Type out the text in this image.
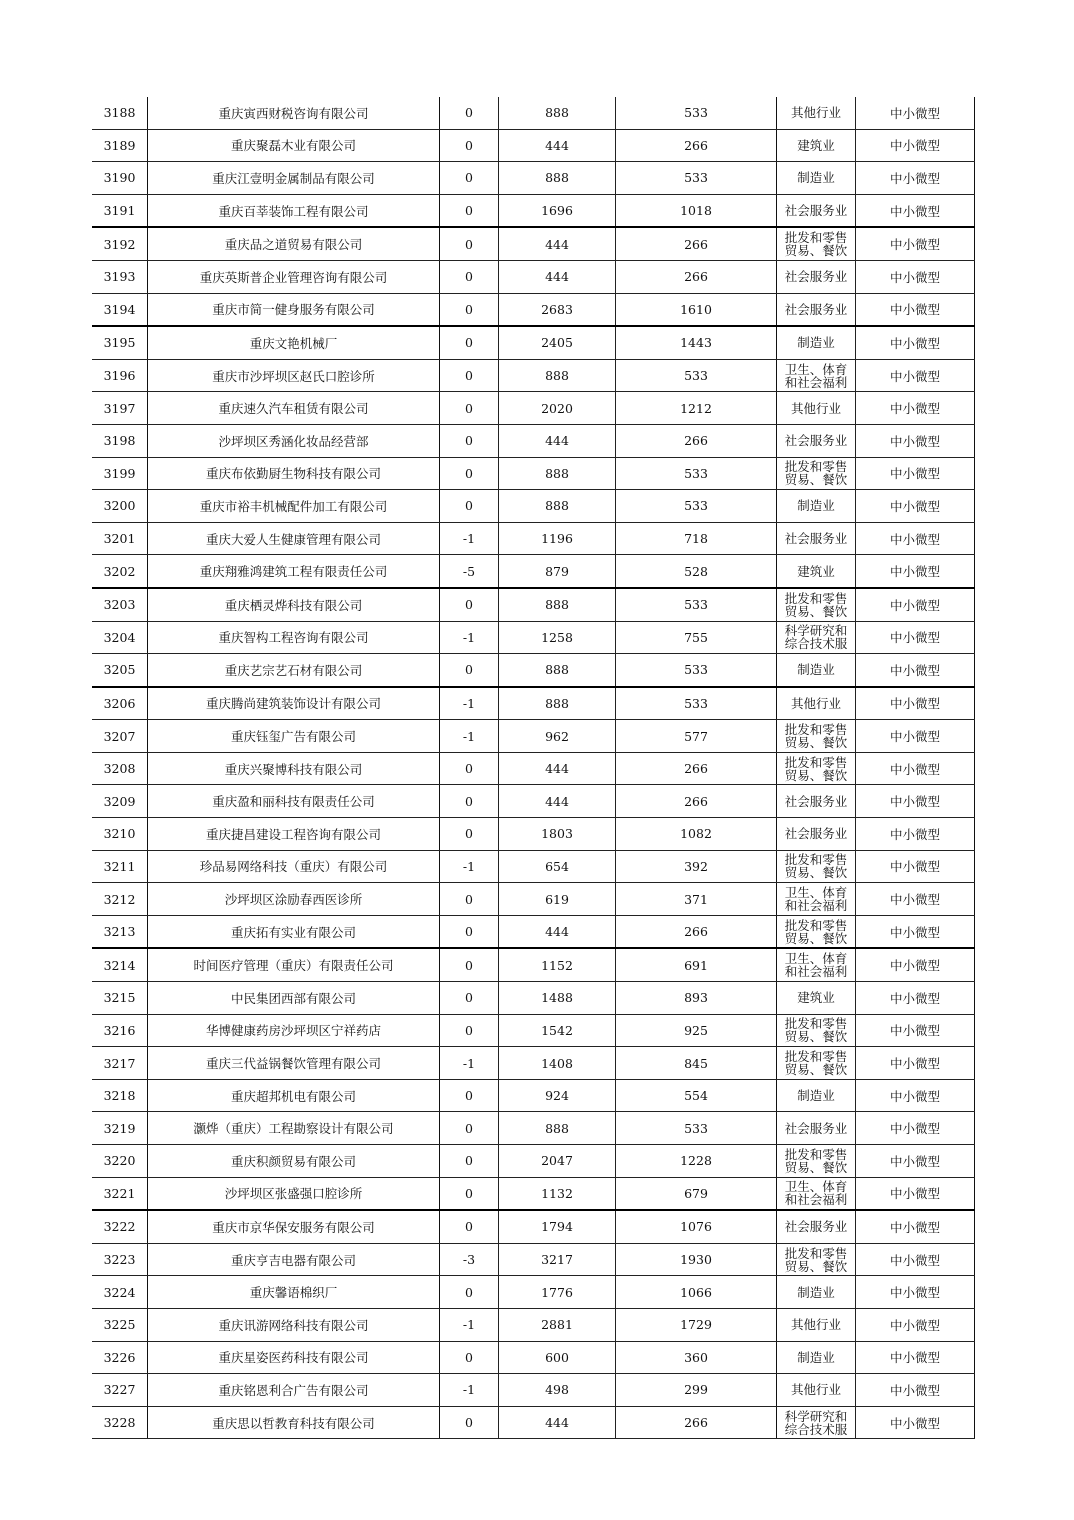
3188	重庆寅西财税咨询有限公司	0	888	533	其他行业	中小微型
3189	重庆聚磊木业有限公司	0	444	266	建筑业	中小微型
3190	重庆江壹明金属制品有限公司	0	888	533	制造业	中小微型
3191	重庆百莘装饰工程有限公司	0	1696	1018	社会服务业	中小微型
3192	重庆品之道贸易有限公司	0	444	266	批发和零售贸易、餐饮	中小微型
3193	重庆英斯普企业管理咨询有限公司	0	444	266	社会服务业	中小微型
3194	重庆市简一健身服务有限公司	0	2683	1610	社会服务业	中小微型
3195	重庆文艳机械厂	0	2405	1443	制造业	中小微型
3196	重庆市沙坪坝区赵氏口腔诊所	0	888	533	卫生、体育和社会福利	中小微型
3197	重庆速久汽车租赁有限公司	0	2020	1212	其他行业	中小微型
3198	沙坪坝区秀涵化妆品经营部	0	444	266	社会服务业	中小微型
3199	重庆布依勤厨生物科技有限公司	0	888	533	批发和零售贸易、餐饮	中小微型
3200	重庆市裕丰机械配件加工有限公司	0	888	533	制造业	中小微型
3201	重庆大爱人生健康管理有限公司	-1	1196	718	社会服务业	中小微型
3202	重庆翔雅鸿建筑工程有限责任公司	-5	879	528	建筑业	中小微型
3203	重庆栖灵烨科技有限公司	0	888	533	批发和零售贸易、餐饮	中小微型
3204	重庆智构工程咨询有限公司	-1	1258	755	科学研究和综合技术服	中小微型
3205	重庆艺宗艺石材有限公司	0	888	533	制造业	中小微型
3206	重庆腾尚建筑装饰设计有限公司	-1	888	533	其他行业	中小微型
3207	重庆钰玺广告有限公司	-1	962	577	批发和零售贸易、餐饮	中小微型
3208	重庆兴聚博科技有限公司	0	444	266	批发和零售贸易、餐饮	中小微型
3209	重庆盈和丽科技有限责任公司	0	444	266	社会服务业	中小微型
3210	重庆捷昌建设工程咨询有限公司	0	1803	1082	社会服务业	中小微型
3211	珍品易网络科技（重庆）有限公司	-1	654	392	批发和零售贸易、餐饮	中小微型
3212	沙坪坝区涂励春西医诊所	0	619	371	卫生、体育和社会福利	中小微型
3213	重庆拓有实业有限公司	0	444	266	批发和零售贸易、餐饮	中小微型
3214	时间医疗管理（重庆）有限责任公司	0	1152	691	卫生、体育和社会福利	中小微型
3215	中民集团西部有限公司	0	1488	893	建筑业	中小微型
3216	华博健康药房沙坪坝区宁祥药店	0	1542	925	批发和零售贸易、餐饮	中小微型
3217	重庆三代益锅餐饮管理有限公司	-1	1408	845	批发和零售贸易、餐饮	中小微型
3218	重庆超邦机电有限公司	0	924	554	制造业	中小微型
3219	灏烨（重庆）工程勘察设计有限公司	0	888	533	社会服务业	中小微型
3220	重庆积颜贸易有限公司	0	2047	1228	批发和零售贸易、餐饮	中小微型
3221	沙坪坝区张盛强口腔诊所	0	1132	679	卫生、体育和社会福利	中小微型
3222	重庆市京华保安服务有限公司	0	1794	1076	社会服务业	中小微型
3223	重庆亨吉电器有限公司	-3	3217	1930	批发和零售贸易、餐饮	中小微型
3224	重庆馨语棉织厂	0	1776	1066	制造业	中小微型
3225	重庆讯游网络科技有限公司	-1	2881	1729	其他行业	中小微型
3226	重庆星姿医药科技有限公司	0	600	360	制造业	中小微型
3227	重庆铭恩利合广告有限公司	-1	498	299	其他行业	中小微型
3228	重庆思以哲教育科技有限公司	0	444	266	科学研究和综合技术服	中小微型
